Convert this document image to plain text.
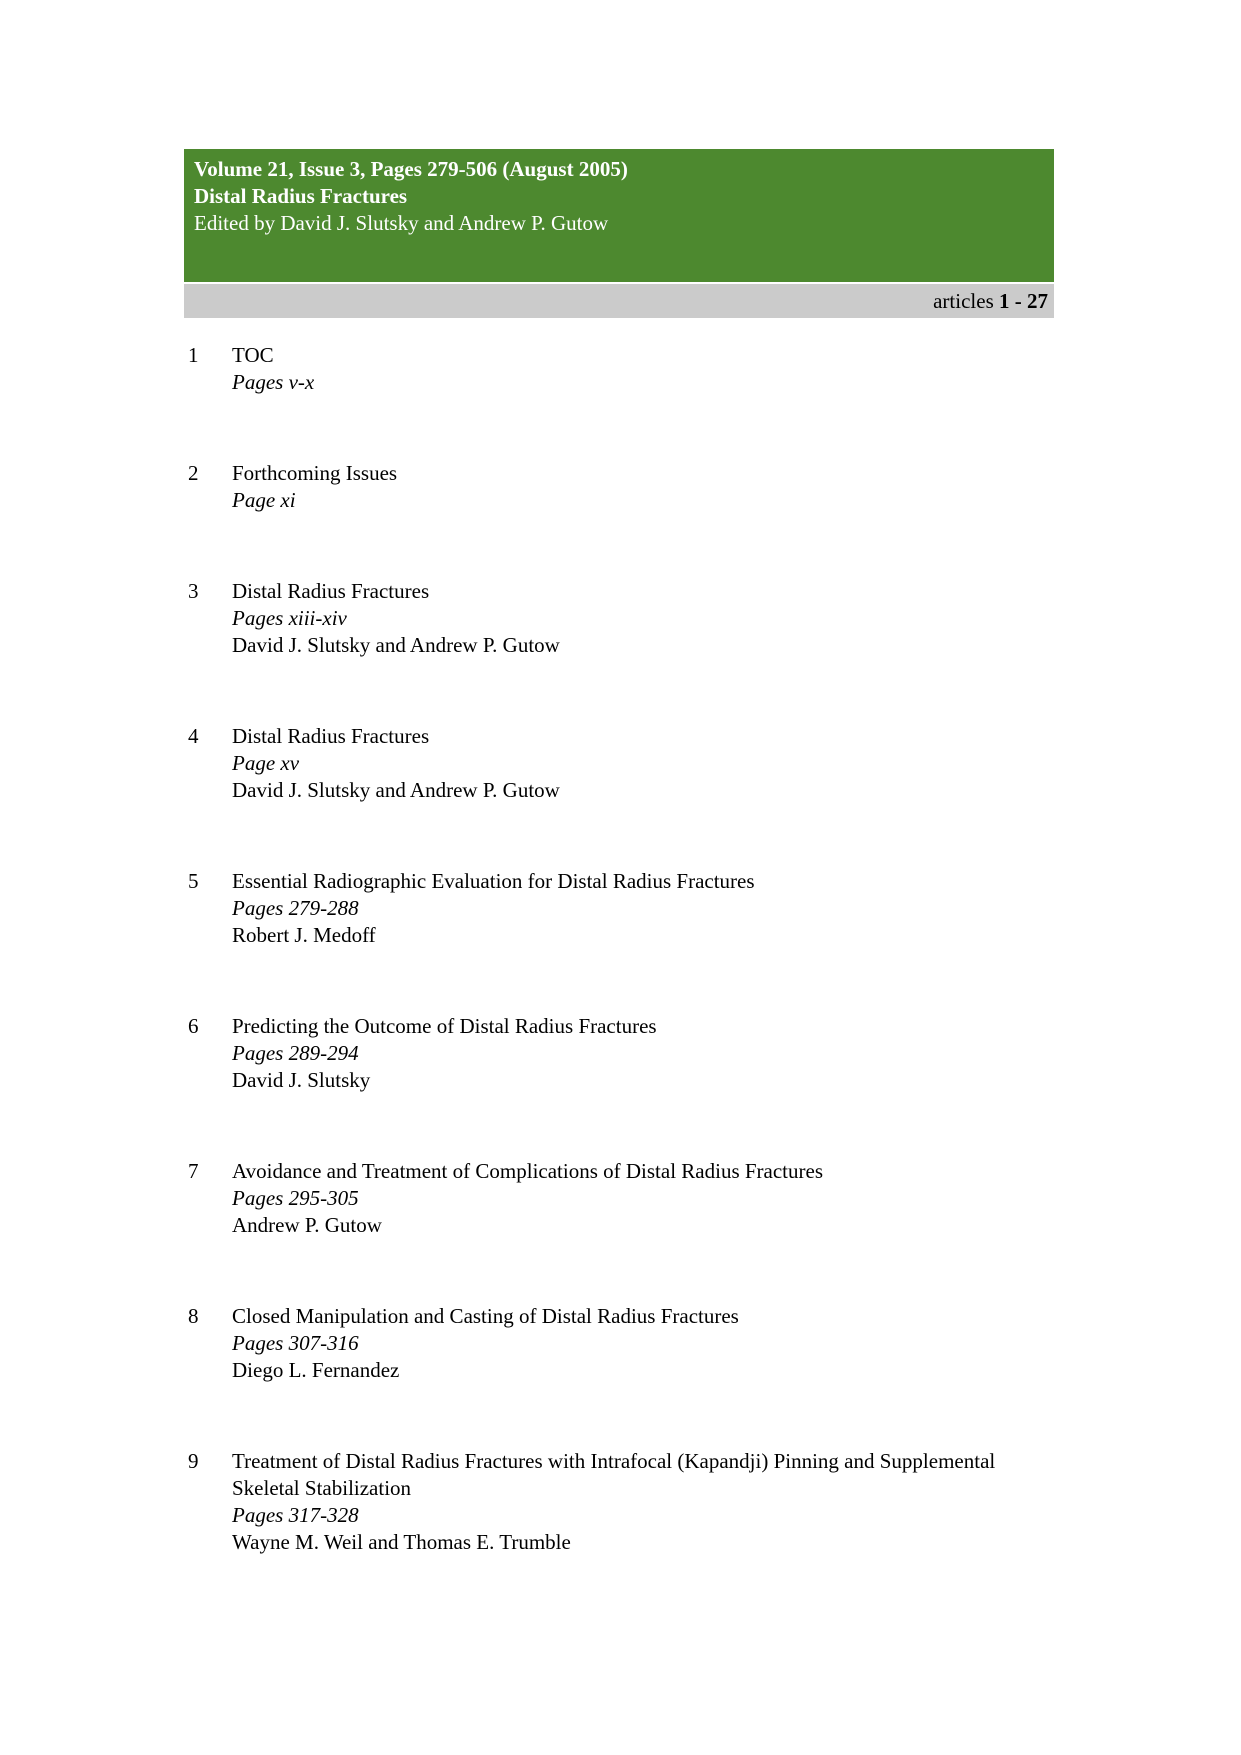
Volume 21, Issue 3, Pages 279-506 (August 2005)
Distal Radius Fractures
Edited by David J. Slutsky and Andrew P. Gutow
articles 1 - 27
1	TOC
Pages v-x
2	Forthcoming Issues
Page xi
3	Distal Radius Fractures
Pages xiii-xiv
David J. Slutsky and Andrew P. Gutow
4	Distal Radius Fractures
Page xv
David J. Slutsky and Andrew P. Gutow
5	Essential Radiographic Evaluation for Distal Radius Fractures
Pages 279-288
Robert J. Medoff
6	Predicting the Outcome of Distal Radius Fractures
Pages 289-294
David J. Slutsky
7	Avoidance and Treatment of Complications of Distal Radius Fractures
Pages 295-305
Andrew P. Gutow
8	Closed Manipulation and Casting of Distal Radius Fractures
Pages 307-316
Diego L. Fernandez
9	Treatment of Distal Radius Fractures with Intrafocal (Kapandji) Pinning and Supplemental Skeletal Stabilization
Pages 317-328
Wayne M. Weil and Thomas E. Trumble
